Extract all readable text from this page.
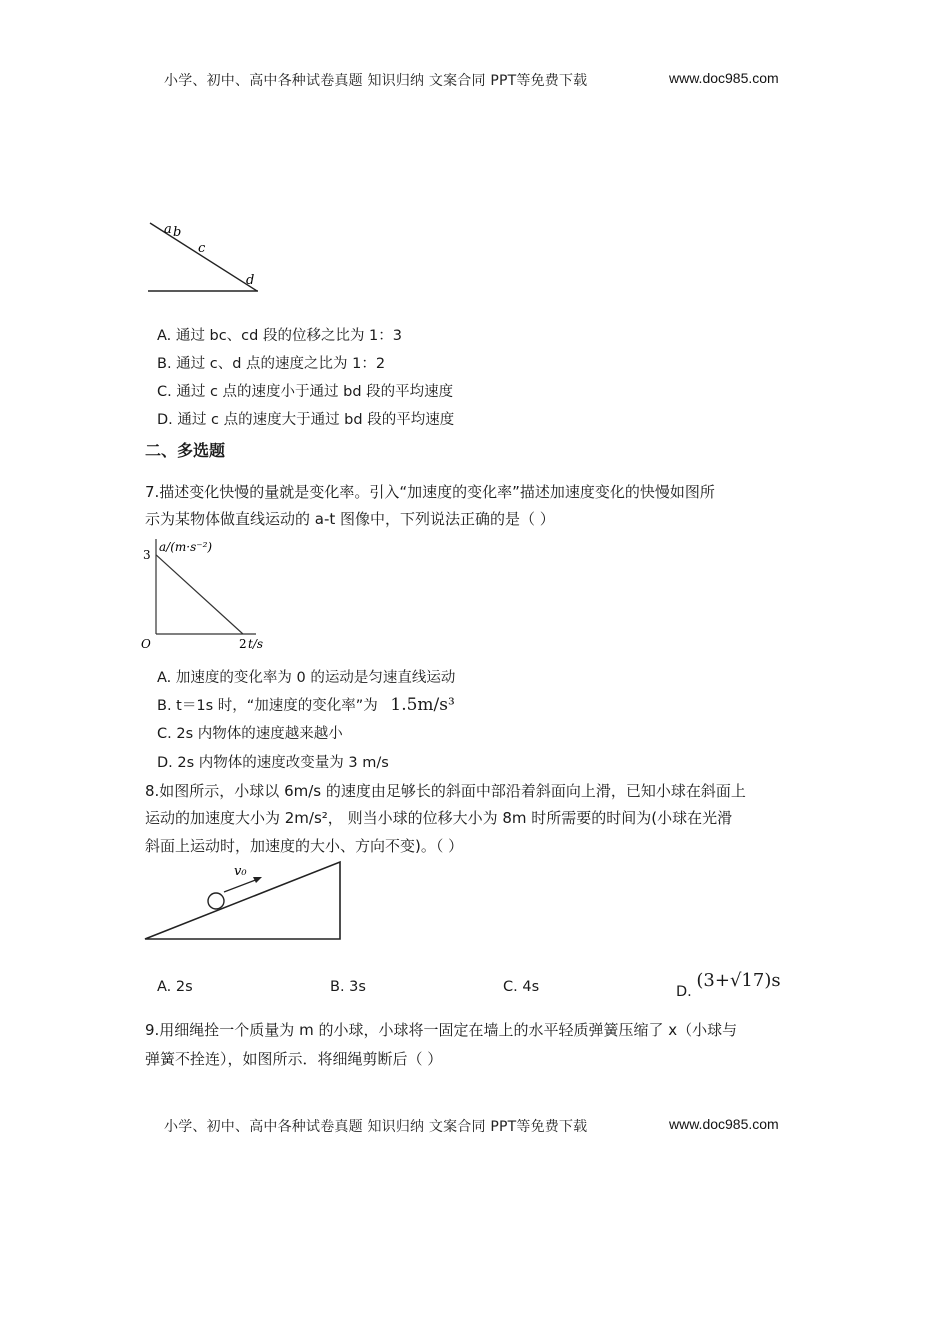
小学、初中、高中各种试卷真题 知识归纳 文案合同 PPT等免费下载	www.doc985.com
a b
c
d
A. 通过 bc、cd 段的位移之比为 1：3
B. 通过 c、d 点的速度之比为 1：2
C. 通过 c 点的速度小于通过 bd 段的平均速度
D. 通过 c 点的速度大于通过 bd 段的平均速度
二、多选题
7.描述变化快慢的量就是变化率。引入“加速度的变化率”描述加速度变化的快慢如图所
示为某物体做直线运动的 a-t 图像中，下列说法正确的是（ ）
a/(m·s⁻²)
t/s
O
3
2
A. 加速度的变化率为 0 的运动是匀速直线运动
B. t＝1s 时，“加速度的变化率”为 1.5m/s³
C. 2s 内物体的速度越来越小
D. 2s 内物体的速度改变量为 3 m/s
8.如图所示，小球以 6m/s 的速度由足够长的斜面中部沿着斜面向上滑，已知小球在斜面上
运动的加速度大小为 2m/s²， 则当小球的位移大小为 8m 时所需要的时间为(小球在光滑
斜面上运动时，加速度的大小、方向不变)。（ ）
v₀
A. 2s	B. 3s	C. 4s	D. (3+√17)s
9.用细绳拴一个质量为 m 的小球，小球将一固定在墙上的水平轻质弹簧压缩了 x（小球与
弹簧不拴连），如图所示．将细绳剪断后（ ）
小学、初中、高中各种试卷真题 知识归纳 文案合同 PPT等免费下载	www.doc985.com
